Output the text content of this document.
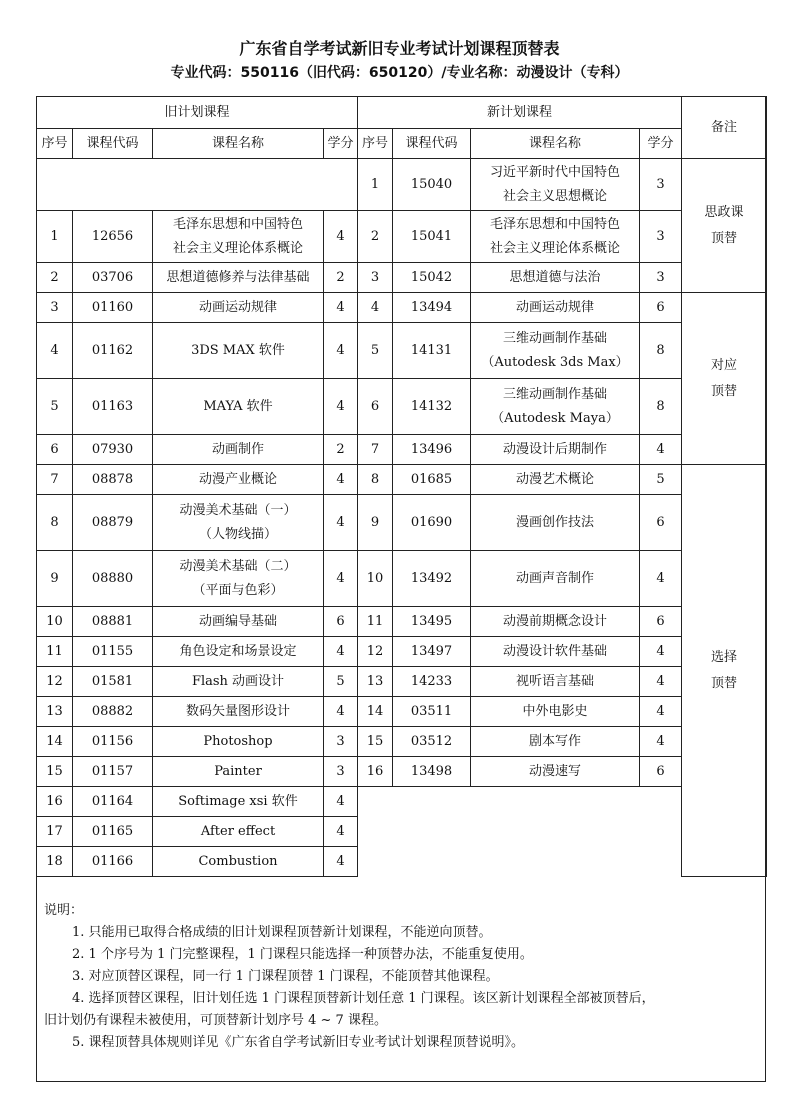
广东省自学考试新旧专业考试计划课程顶替表
专业代码：550116（旧代码：650120）/专业名称：动漫设计（专科）
旧计划课程				新计划课程				备注
序号	课程代码	课程名称	学分	序号	课程代码	课程名称	学分	
				1	15040	习近平新时代中国特色
社会主义思想概论	3	思政课
顶替
1	12656	毛泽东思想和中国特色
社会主义理论体系概论	4	2	15041	毛泽东思想和中国特色
社会主义理论体系概论	3	
2	03706	思想道德修养与法律基础	2	3	15042	思想道德与法治	3	
3	01160	动画运动规律	4	4	13494	动画运动规律	6	对应
顶替
4	01162	3DS MAX 软件	4	5	14131	三维动画制作基础
（Autodesk 3ds Max）	8	
5	01163	MAYA 软件	4	6	14132	三维动画制作基础
（Autodesk Maya）	8	
6	07930	动画制作	2	7	13496	动漫设计后期制作	4	
7	08878	动漫产业概论	4	8	01685	动漫艺术概论	5	选择
顶替
8	08879	动漫美术基础（一）
（人物线描）	4	9	01690	漫画创作技法	6	
9	08880	动漫美术基础（二）
（平面与色彩）	4	10	13492	动画声音制作	4	
10	08881	动画编导基础	6	11	13495	动漫前期概念设计	6	
11	01155	角色设定和场景设定	4	12	13497	动漫设计软件基础	4	
12	01581	Flash 动画设计	5	13	14233	视听语言基础	4	
13	08882	数码矢量图形设计	4	14	03511	中外电影史	4	
14	01156	Photoshop	3	15	03512	剧本写作	4	
15	01157	Painter	3	16	13498	动漫速写	6	
16	01164	Softimage xsi 软件	4					
17	01165	After effect	4					
18	01166	Combustion	4					

说明：

1. 只能用已取得合格成绩的旧计划课程顶替新计划课程，不能逆向顶替。

2. 1 个序号为 1 门完整课程，1 门课程只能选择一种顶替办法，不能重复使用。

3. 对应顶替区课程，同一行 1 门课程顶替 1 门课程，不能顶替其他课程。

4. 选择顶替区课程，旧计划任选 1 门课程顶替新计划任意 1 门课程。该区新计划课程全部被顶替后，

旧计划仍有课程未被使用，可顶替新计划序号 4 ~ 7 课程。

5. 课程顶替具体规则详见《广东省自学考试新旧专业考试计划课程顶替说明》。
